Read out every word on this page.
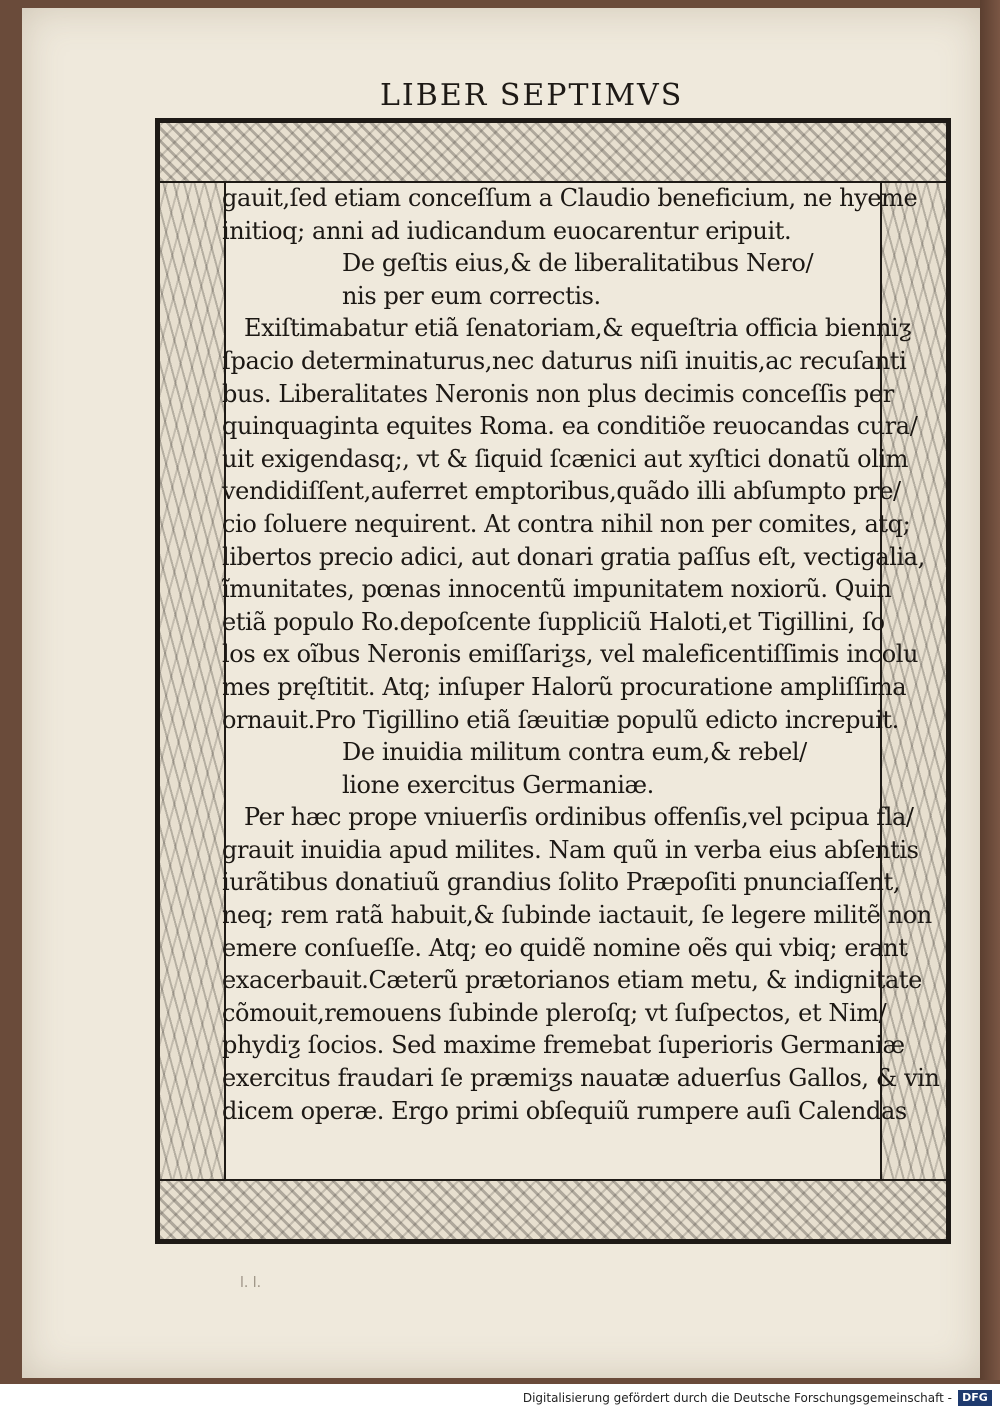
LIBER SEPTIMVS
gauit,ſed etiam conceſſum a Claudio beneficium, ne hyeme
initioq; anni ad iudicandum euocarentur eripuit.
De geſtis eius,& de liberalitatibus Nero/
nis per eum correctis.
Exiſtimabatur etiã ſenatoriam,& equeſtria officia bienniƺ
ſpacio determinaturus,nec daturus niſi inuitis,ac recuſanti
bus. Liberalitates Neronis non plus decimis conceſſis per
quinquaginta equites Roma. ea conditiõe reuocandas cura/
uit exigendasq;, vt & ſiquid ſcænici aut xyſtici donatũ olim
vendidiſſent,auferret emptoribus,quãdo illi abſumpto pre/
cio ſoluere nequirent. At contra nihil non per comites, atq;
libertos precio adici, aut donari gratia paſſus eſt, vectigalia,
ĩmunitates, pœnas innocentũ impunitatem noxiorũ. Quin
etiã populo Ro.depoſcente ſuppliciũ Haloti,et Tigillini, ſo
los ex oĩbus Neronis emiſſariƺs, vel maleficentiſſimis incolu
mes pręſtitit. Atq; inſuper Halorũ procuratione ampliſſima
ornauit.Pro Tigillino etiã ſæuitiæ populũ edicto increpuit.
De inuidia militum contra eum,& rebel/
lione exercitus Germaniæ.
Per hæc prope vniuerſis ordinibus offenſis,vel pcipua fla/
grauit inuidia apud milites. Nam quũ in verba eius abſentis
iurãtibus donatiuũ grandius ſolito Præpoſiti pnunciaſſent,
neq; rem ratã habuit,& ſubinde iactauit, ſe legere militẽ non
emere conſueſſe. Atq; eo quidẽ nomine oẽs qui vbiq; erant
exacerbauit.Cæterũ prætorianos etiam metu, & indignitate
cõmouit,remouens ſubinde pleroſq; vt ſuſpectos, et Nim/
phydiƺ ſocios. Sed maxime fremebat ſuperioris Germaniæ
exercitus fraudari ſe præmiƺs nauatæ aduerſus Gallos, & vin
dicem operæ. Ergo primi obſequiũ rumpere auſi Calendas
l. l.
Digitalisierung gefördert durch die Deutsche Forschungsgemeinschaft - DFG
